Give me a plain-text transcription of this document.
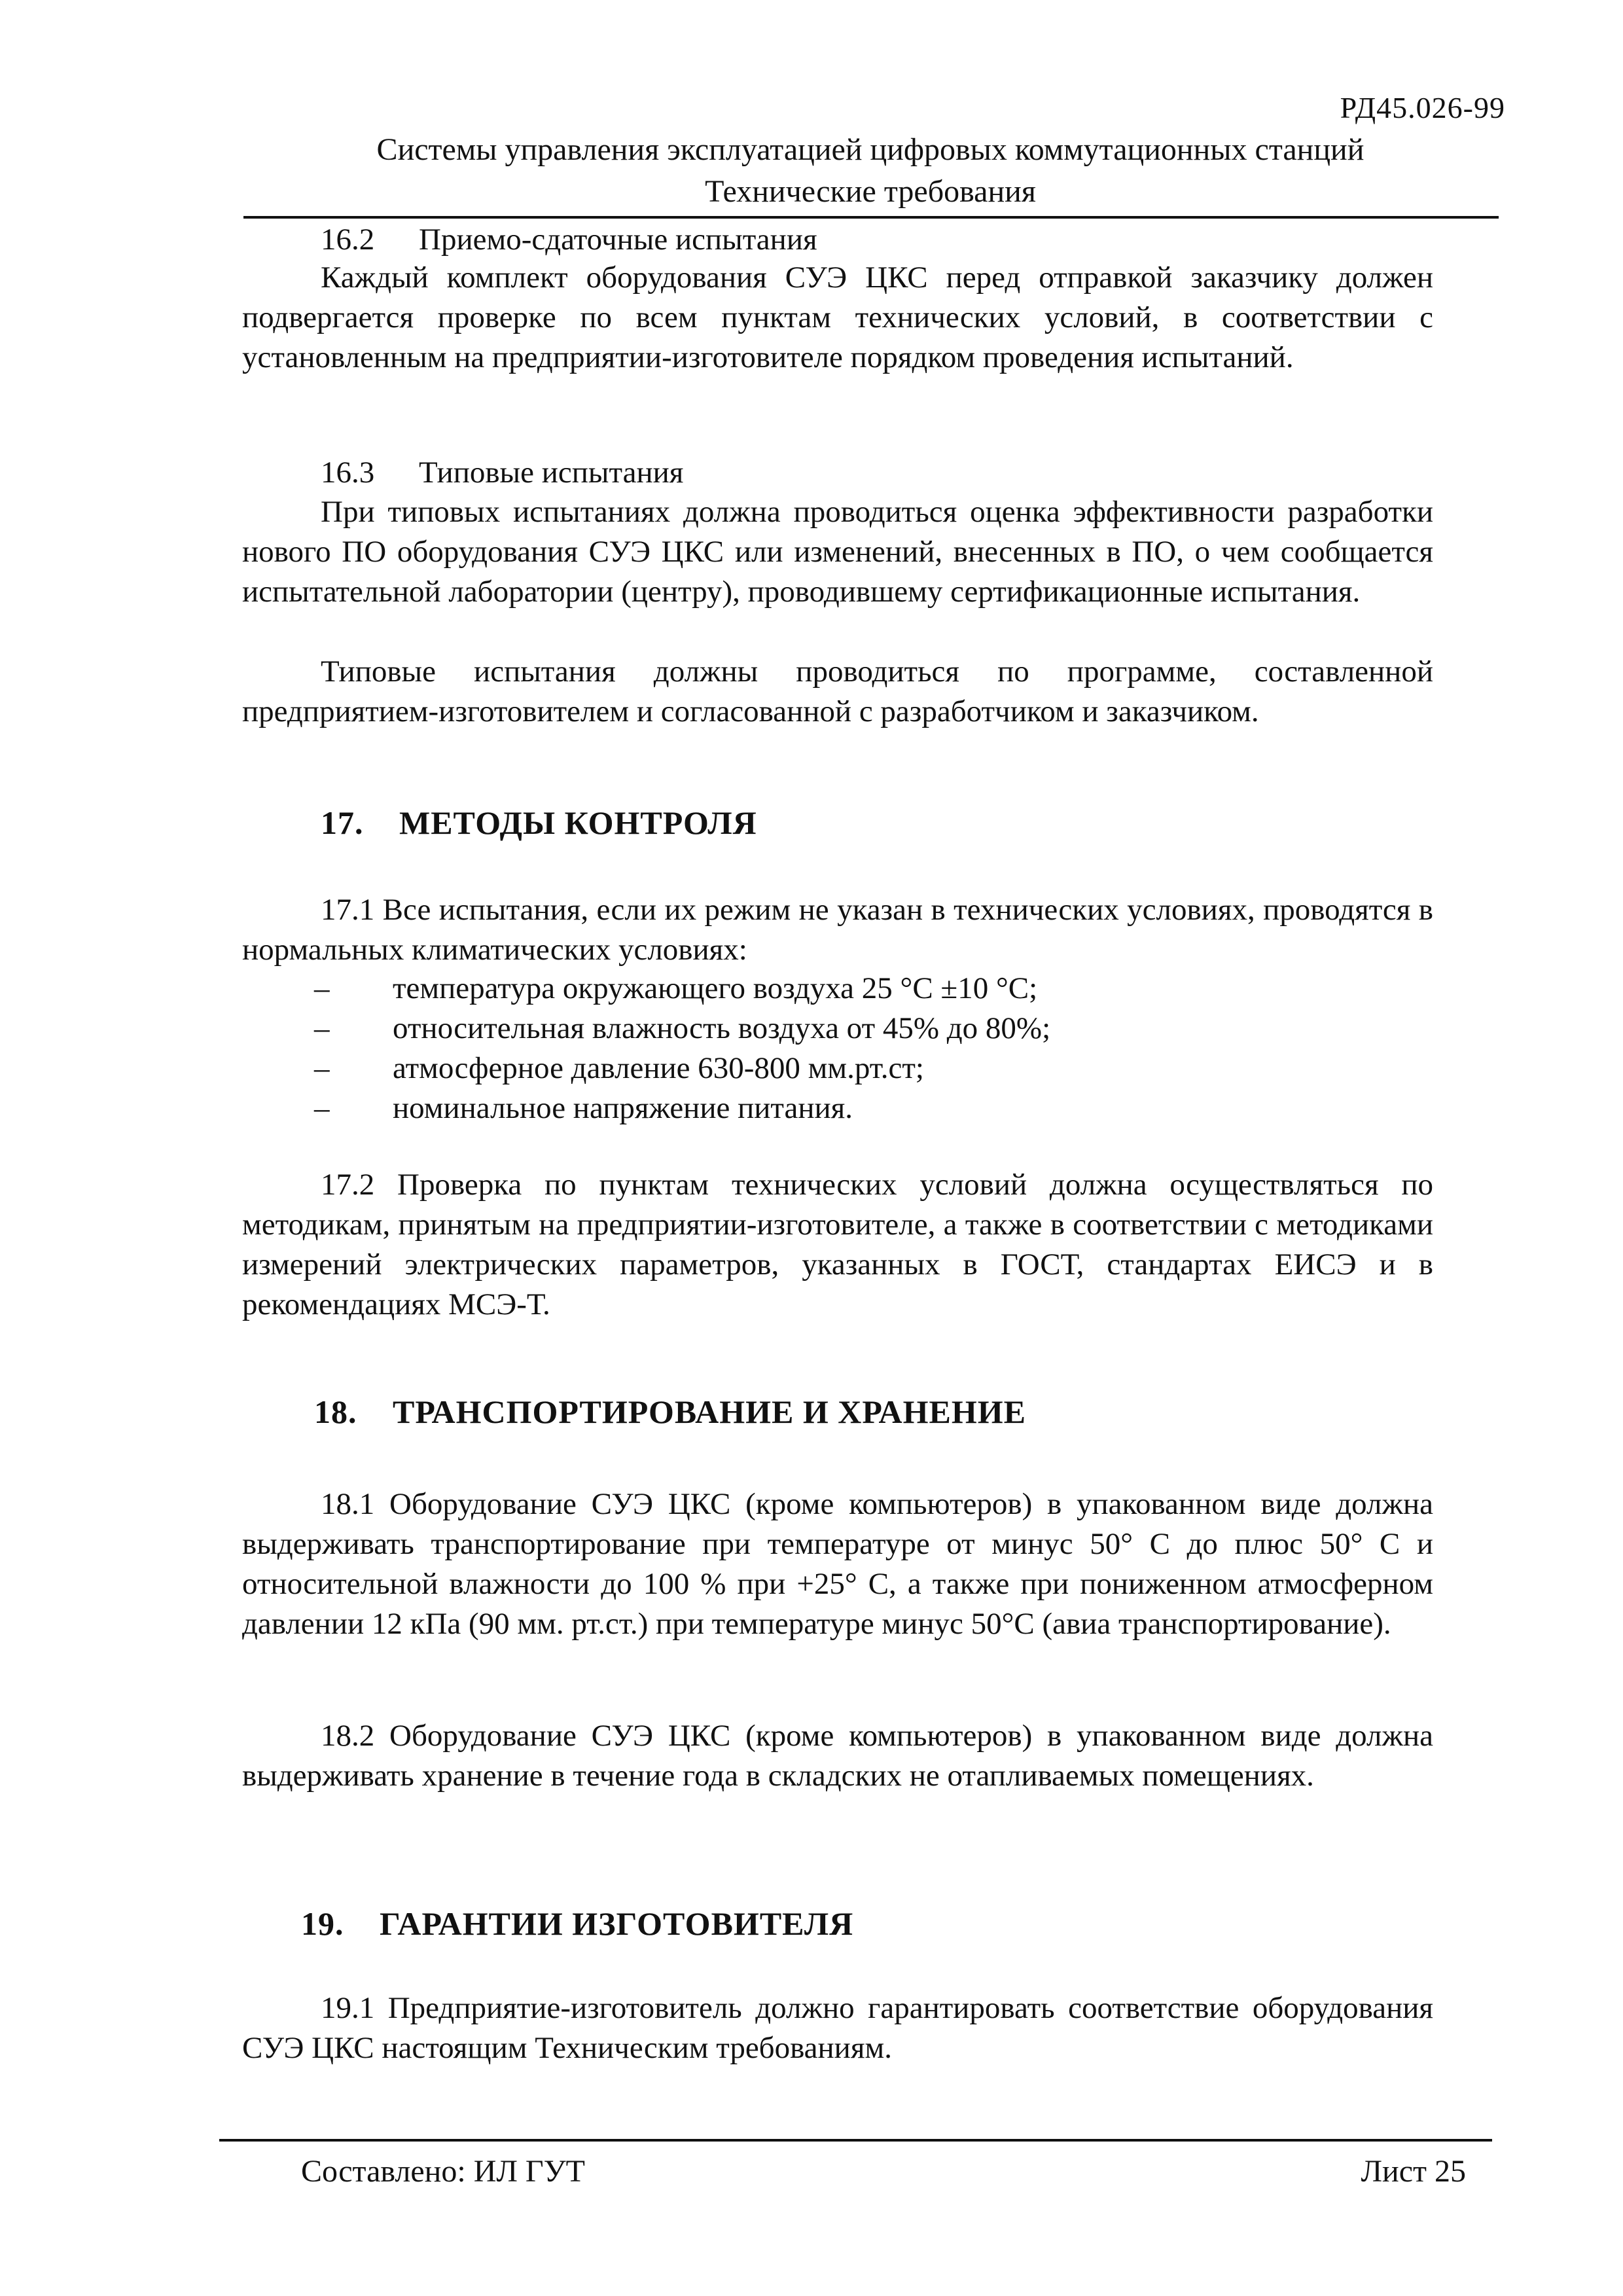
РД45.026-99
Системы управления эксплуатацией цифровых коммутационных станций
Технические требования
16.2 Приемо-сдаточные испытания
Каждый комплект оборудования СУЭ ЦКС перед отправкой заказчику должен подвергается проверке по всем пунктам технических условий, в соответствии с установленным на предприятии-изготовителе порядком проведения испытаний.
16.3 Типовые испытания
При типовых испытаниях должна проводиться оценка эффективности разработки нового ПО оборудования СУЭ ЦКС или изменений, внесенных в ПО, о чем сообщается испытательной лаборатории (центру), проводившему сертификационные испытания.
Типовые испытания должны проводиться по программе, составленной предприятием-изготовителем и согласованной с разработчиком и заказчиком.
17. МЕТОДЫ КОНТРОЛЯ
17.1 Все испытания, если их режим не указан в технических условиях, проводятся в нормальных климатических условиях:
– температура окружающего воздуха 25 °С ±10 °С;
– относительная влажность воздуха от 45% до 80%;
– атмосферное давление 630-800 мм.рт.ст;
– номинальное напряжение питания.
17.2 Проверка по пунктам технических условий должна осуществляться по методикам, принятым на предприятии-изготовителе, а также в соответствии с методиками измерений электрических параметров, указанных в ГОСТ, стандартах ЕИСЭ и в рекомендациях МСЭ-Т.
18. ТРАНСПОРТИРОВАНИЕ И ХРАНЕНИЕ
18.1 Оборудование СУЭ ЦКС (кроме компьютеров) в упакованном виде должна выдерживать транспортирование при температуре от минус 50° С до плюс 50° С и относительной влажности до 100 % при +25° С, а также при пониженном атмосферном давлении 12 кПа (90 мм. рт.ст.) при температуре минус 50°С (авиа транспортирование).
18.2 Оборудование СУЭ ЦКС (кроме компьютеров) в упакованном виде должна выдерживать хранение в течение года в складских не отапливаемых помещениях.
19. ГАРАНТИИ ИЗГОТОВИТЕЛЯ
19.1 Предприятие-изготовитель должно гарантировать соответствие оборудования СУЭ ЦКС настоящим Техническим требованиям.
Составлено: ИЛ ГУТ	Лист 25
